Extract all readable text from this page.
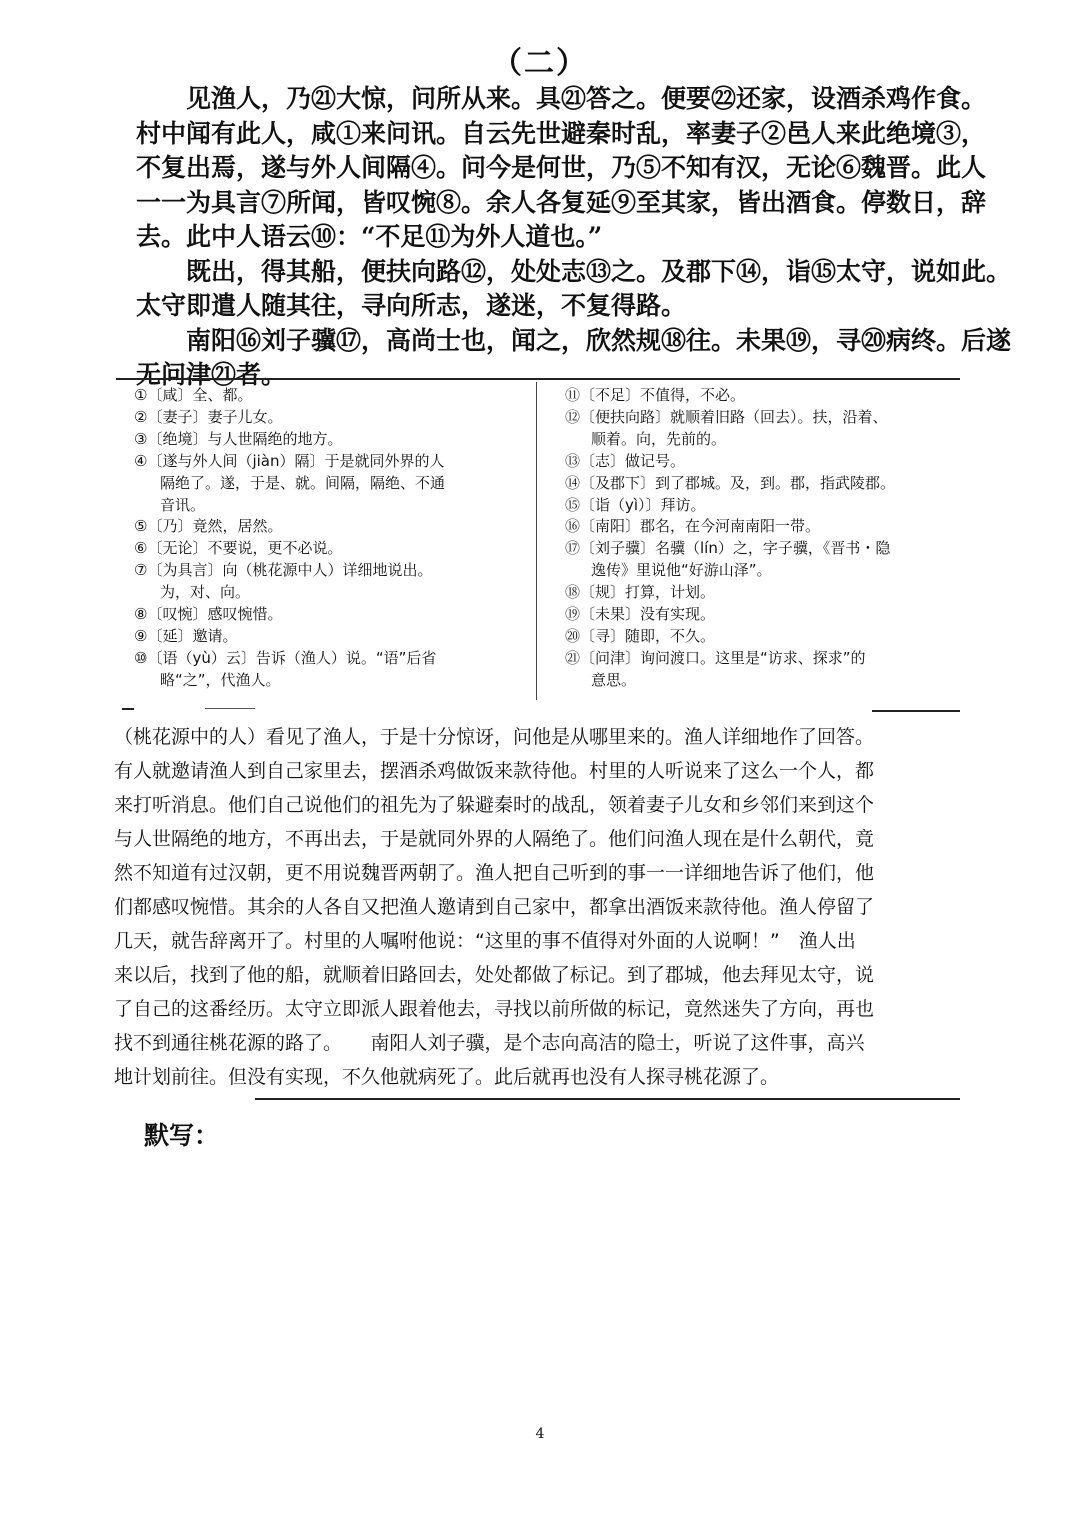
（二）
见渔人，乃㉑大惊，问所从来。具㉑答之。便要㉒还家，设酒杀鸡作食。
村中闻有此人，咸①来问讯。自云先世避秦时乱，率妻子②邑人来此绝境③，
不复出焉，遂与外人间隔④。问今是何世，乃⑤不知有汉，无论⑥魏晋。此人
一一为具言⑦所闻，皆叹惋⑧。余人各复延⑨至其家，皆出酒食。停数日，辞
去。此中人语云⑩：“不足⑪为外人道也。”
既出，得其船，便扶向路⑫，处处志⑬之。及郡下⑭，诣⑮太守，说如此。
太守即遣人随其往，寻向所志，遂迷，不复得路。
南阳⑯刘子骥⑰，高尚士也，闻之，欣然规⑱往。未果⑲，寻⑳病终。后遂
无问津㉑者。
①〔咸〕全、都。
②〔妻子〕妻子儿女。
③〔绝境〕与人世隔绝的地方。
④〔遂与外人间（jiàn）隔〕于是就同外界的人
隔绝了。遂，于是、就。间隔，隔绝、不通
音讯。
⑤〔乃〕竟然，居然。
⑥〔无论〕不要说，更不必说。
⑦〔为具言〕向（桃花源中人）详细地说出。
为，对、向。
⑧〔叹惋〕感叹惋惜。
⑨〔延〕邀请。
⑩〔语（yù）云〕告诉（渔人）说。“语”后省
略“之”，代渔人。
⑪〔不足〕不值得，不必。
⑫〔便扶向路〕就顺着旧路（回去）。扶，沿着、
顺着。向，先前的。
⑬〔志〕做记号。
⑭〔及郡下〕到了郡城。及，到。郡，指武陵郡。
⑮〔诣（yì）〕拜访。
⑯〔南阳〕郡名，在今河南南阳一带。
⑰〔刘子骥〕名骥（lín）之，字子骥，《晋书・隐
逸传》里说他“好游山泽”。
⑱〔规〕打算，计划。
⑲〔未果〕没有实现。
⑳〔寻〕随即，不久。
㉑〔问津〕询问渡口。这里是“访求、探求”的
意思。
（桃花源中的人）看见了渔人，于是十分惊讶，问他是从哪里来的。渔人详细地作了回答。
有人就邀请渔人到自己家里去，摆酒杀鸡做饭来款待他。村里的人听说来了这么一个人，都
来打听消息。他们自己说他们的祖先为了躲避秦时的战乱，领着妻子儿女和乡邻们来到这个
与人世隔绝的地方，不再出去，于是就同外界的人隔绝了。他们问渔人现在是什么朝代，竟
然不知道有过汉朝，更不用说魏晋两朝了。渔人把自己听到的事一一详细地告诉了他们，他
们都感叹惋惜。其余的人各自又把渔人邀请到自己家中，都拿出酒饭来款待他。渔人停留了
几天，就告辞离开了。村里的人嘱咐他说：“这里的事不值得对外面的人说啊！”　渔人出
来以后，找到了他的船，就顺着旧路回去，处处都做了标记。到了郡城，他去拜见太守，说
了自己的这番经历。太守立即派人跟着他去，寻找以前所做的标记，竟然迷失了方向，再也
找不到通往桃花源的路了。　　南阳人刘子骥，是个志向高洁的隐士，听说了这件事，高兴
地计划前往。但没有实现，不久他就病死了。此后就再也没有人探寻桃花源了。
默写：
4
